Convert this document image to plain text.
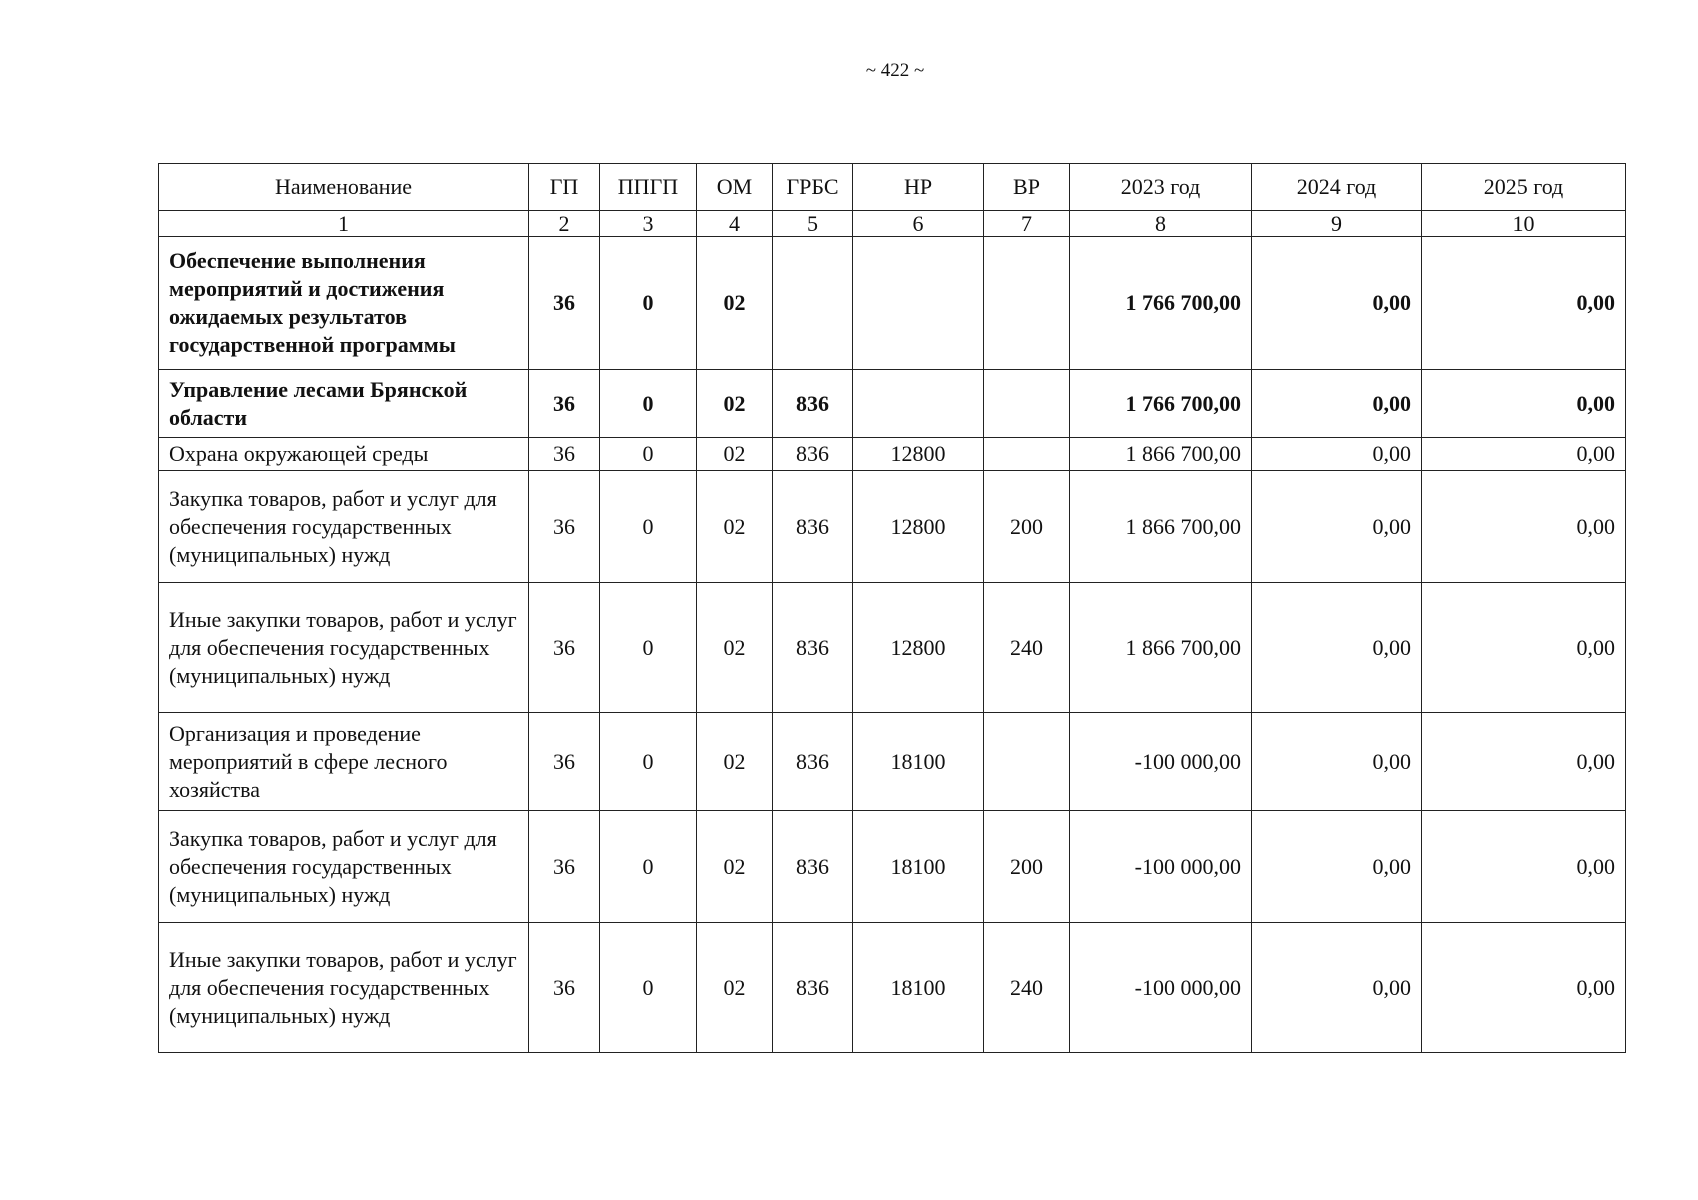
~ 422 ~
Наименование	ГП	ППГП	ОМ	ГРБС	НР	ВР	2023 год	2024 год	2025 год
1	2	3	4	5	6	7	8	9	10
Обеспечение выполнения мероприятий и достижения ожидаемых результатов государственной программы	36	0	02				1 766 700,00	0,00	0,00
Управление лесами Брянской области	36	0	02	836			1 766 700,00	0,00	0,00
Охрана окружающей среды	36	0	02	836	12800		1 866 700,00	0,00	0,00
Закупка товаров, работ и услуг для обеспечения государственных (муниципальных) нужд	36	0	02	836	12800	200	1 866 700,00	0,00	0,00
Иные закупки товаров, работ и услуг для обеспечения государственных (муниципальных) нужд	36	0	02	836	12800	240	1 866 700,00	0,00	0,00
Организация и проведение мероприятий в сфере лесного хозяйства	36	0	02	836	18100		-100 000,00	0,00	0,00
Закупка товаров, работ и услуг для обеспечения государственных (муниципальных) нужд	36	0	02	836	18100	200	-100 000,00	0,00	0,00
Иные закупки товаров, работ и услуг для обеспечения государственных (муниципальных) нужд	36	0	02	836	18100	240	-100 000,00	0,00	0,00
